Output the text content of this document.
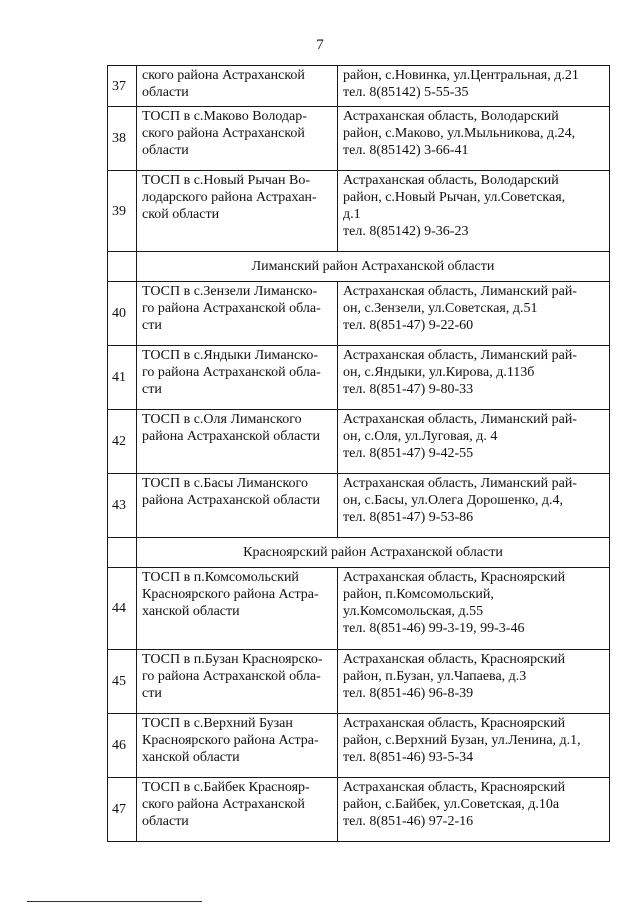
7
37	ского района Астраханской
области	район, с.Новинка, ул.Центральная, д.21
тел. 8(85142) 5-55-35
38	ТОСП в с.Маково Володар-
ского района Астраханской
области	Астраханская область, Володарский
район, с.Маково, ул.Мыльникова, д.24,
тел. 8(85142) 3-66-41
39	ТОСП в с.Новый Рычан Во-
лодарского района Астрахан-
ской области	Астраханская область, Володарский
район, с.Новый Рычан, ул.Советская,
д.1
тел. 8(85142) 9-36-23
	Лиманский район Астраханской области	
40	ТОСП в с.Зензели Лиманско-
го района Астраханской обла-
сти	Астраханская область, Лиманский рай-
он, с.Зензели, ул.Советская, д.51
тел. 8(851-47) 9-22-60
41	ТОСП в с.Яндыки Лиманско-
го района Астраханской обла-
сти	Астраханская область, Лиманский рай-
он, с.Яндыки, ул.Кирова, д.113б
тел. 8(851-47) 9-80-33
42	ТОСП в с.Оля Лиманского
района Астраханской области	Астраханская область, Лиманский рай-
он, с.Оля, ул.Луговая, д. 4
тел. 8(851-47) 9-42-55
43	ТОСП в с.Басы Лиманского
района Астраханской области	Астраханская область, Лиманский рай-
он, с.Басы, ул.Олега Дорошенко, д.4,
тел. 8(851-47) 9-53-86
	Красноярский район Астраханской области	
44	ТОСП в п.Комсомольский
Красноярского района Астра-
ханской области	Астраханская область, Красноярский
район, п.Комсомольский,
ул.Комсомольская, д.55
тел. 8(851-46) 99-3-19, 99-3-46
45	ТОСП в п.Бузан Красноярско-
го района Астраханской обла-
сти	Астраханская область, Красноярский
район, п.Бузан, ул.Чапаева, д.3
тел. 8(851-46) 96-8-39
46	ТОСП в с.Верхний Бузан
Красноярского района Астра-
ханской области	Астраханская область, Красноярский
район, с.Верхний Бузан, ул.Ленина, д.1,
тел. 8(851-46) 93-5-34
47	ТОСП в с.Байбек Краснояр-
ского района Астраханской
области	Астраханская область, Красноярский
район, с.Байбек, ул.Советская, д.10а
тел. 8(851-46) 97-2-16
